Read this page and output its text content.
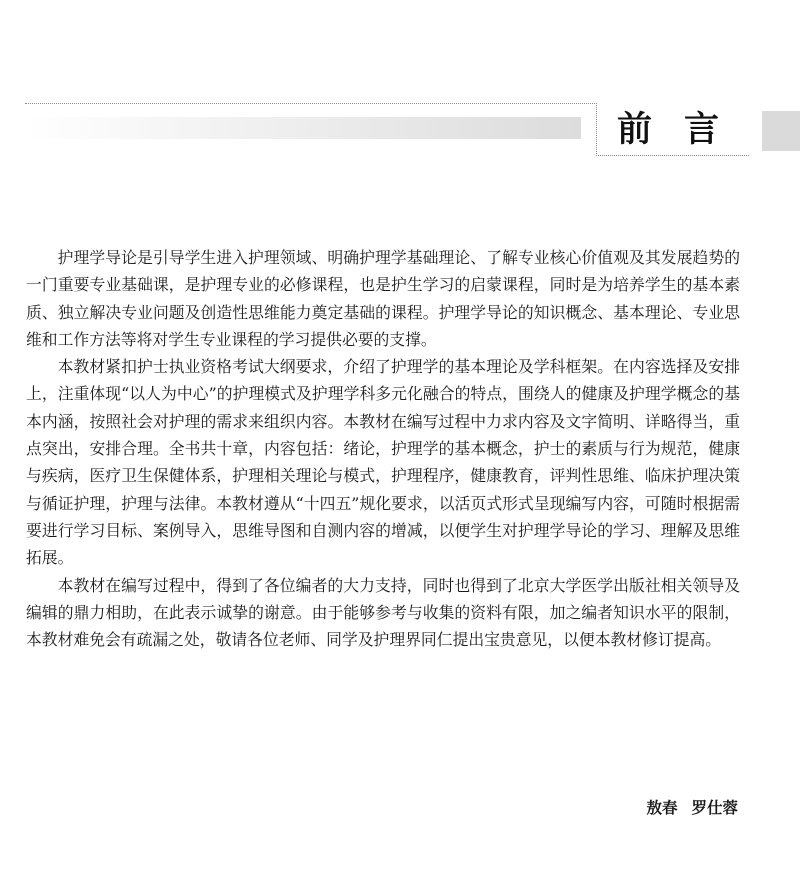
前言

护理学导论是引导学生进入护理领域、明确护理学基础理论、了解专业核心价值观及其发展趋势的一门重要专业基础课，是护理专业的必修课程，也是护生学习的启蒙课程，同时是为培养学生的基本素质、独立解决专业问题及创造性思维能力奠定基础的课程。护理学导论的知识概念、基本理论、专业思维和工作方法等将对学生专业课程的学习提供必要的支撑。

本教材紧扣护士执业资格考试大纲要求，介绍了护理学的基本理论及学科框架。在内容选择及安排上，注重体现“以人为中心”的护理模式及护理学科多元化融合的特点，围绕人的健康及护理学概念的基本内涵，按照社会对护理的需求来组织内容。本教材在编写过程中力求内容及文字简明、详略得当，重点突出，安排合理。全书共十章，内容包括：绪论，护理学的基本概念，护士的素质与行为规范，健康与疾病，医疗卫生保健体系，护理相关理论与模式，护理程序，健康教育，评判性思维、临床护理决策与循证护理，护理与法律。本教材遵从“十四五”规化要求，以活页式形式呈现编写内容，可随时根据需要进行学习目标、案例导入，思维导图和自测内容的增减，以便学生对护理学导论的学习、理解及思维拓展。

本教材在编写过程中，得到了各位编者的大力支持，同时也得到了北京大学医学出版社相关领导及编辑的鼎力相助，在此表示诚挚的谢意。由于能够参考与收集的资料有限，加之编者知识水平的限制，本教材难免会有疏漏之处，敬请各位老师、同学及护理界同仁提出宝贵意见，以便本教材修订提高。

敖春 罗仕蓉
